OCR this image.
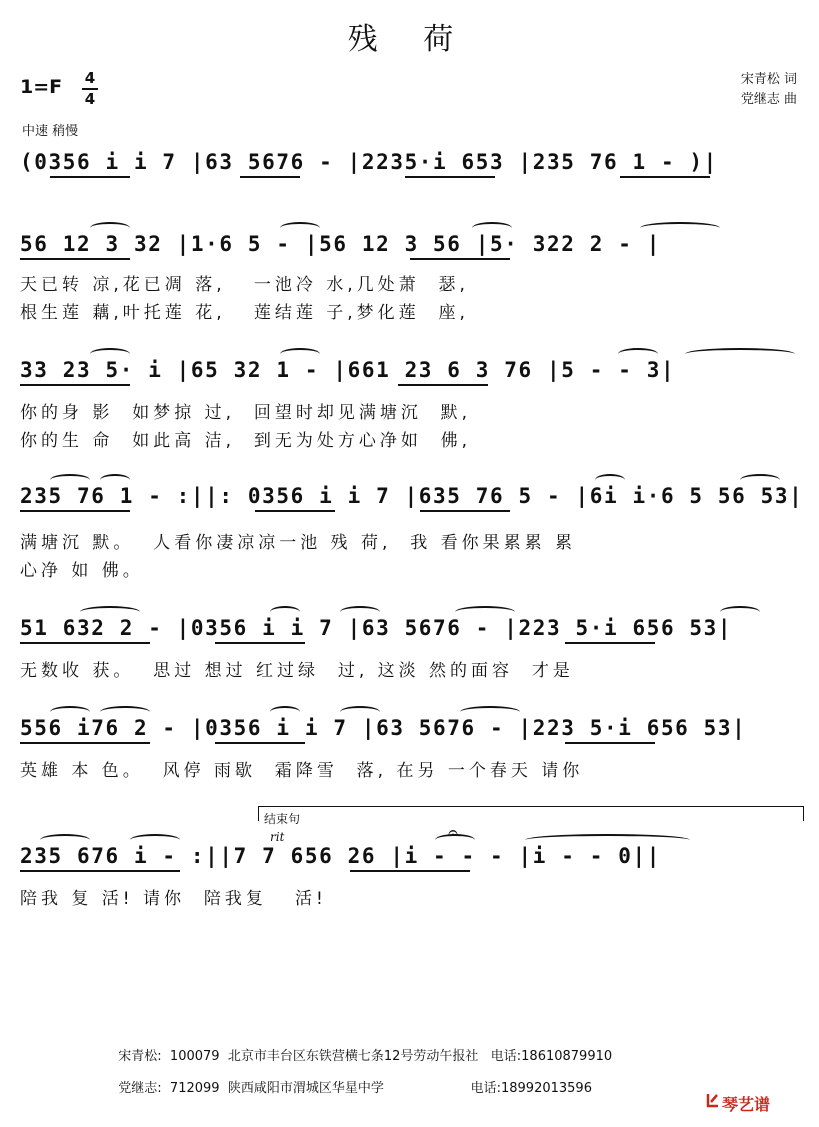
残 荷
1=F 4
4
宋青松 词
党继志 曲
中速 稍慢
(0356 i i 7 |63 5676 - |2235·i 653 |235 76 1 - )|
56 12 3 32 |1·6 5 - |56 12 3 56 |5· 322 2 - |
天已转 凉,花已凋 落,   一池冷 水,几处萧  瑟,
根生莲 藕,叶托莲 花,   莲结莲 子,梦化莲  座,
33 23 5· i |65 32 1 - |661 23 6 3 76 |5 - - 3|
你的身 影  如梦掠 过,  回望时却见满塘沉  默,
你的生 命  如此高 洁,  到无为处方心净如  佛,
235 76 1 - :||: 0356 i i 7 |635 76 5 - |6i i·6 5 56 53|
满塘沉 默。  人看你凄凉凉一池 残 荷,  我 看你果累累 累
心净 如 佛。
51 632 2 - |0356 i i 7 |63 5676 - |223 5·i 656 53|
无数收 获。  思过 想过 红过绿  过, 这淡 然的面容  才是
556 i76 2 - |0356 i i 7 |63 5676 - |223 5·i 656 53|
英雄 本 色。  风停 雨歇  霜降雪  落, 在另 一个春天 请你
结束句
rit	𝄐
235 676 i - :||7 7 656 26 |i - - - |i - - 0||
陪我 复 活! 请你  陪我复   活!

宋青松: 100079  北京市丰台区东铁营横七条12号劳动午报社 电话:18610879910

党继志: 712099  陕西咸阳市渭城区华星中学	电话:18992013596

琴艺谱
